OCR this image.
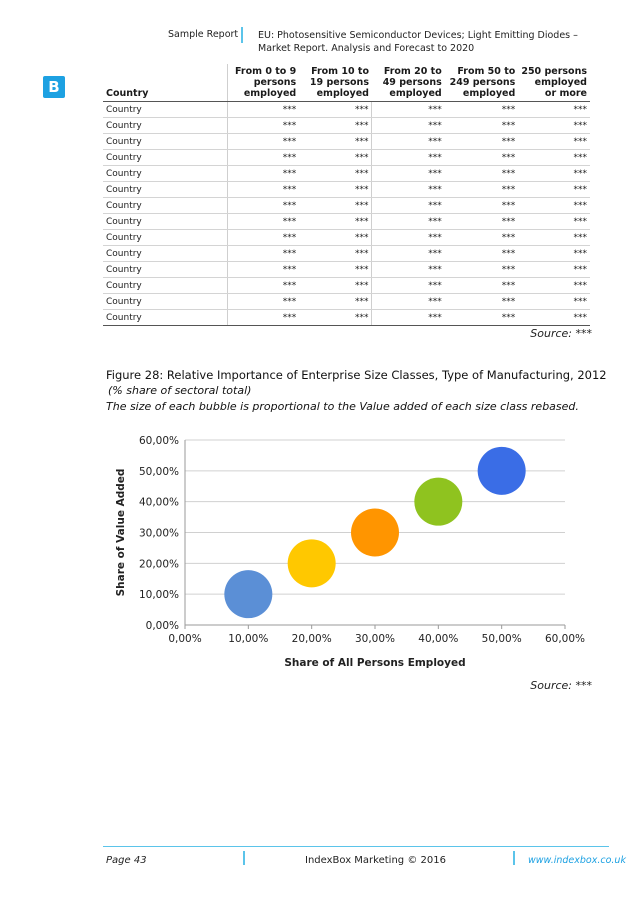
Sample Report EU: Photosensitive Semiconductor Devices; Light Emitting Diodes –
Market Report. Analysis and Forecast to 2020
B	Country	From 0 to 9 persons employed	From 10 to 19 persons employed	From 20 to 49 persons employed	From 50 to 249 persons employed	250 persons employed or more
Country	***	***	***	***	***
Country	***	***	***	***	***
Country	***	***	***	***	***
Country	***	***	***	***	***
Country	***	***	***	***	***
Country	***	***	***	***	***
Country	***	***	***	***	***
Country	***	***	***	***	***
Country	***	***	***	***	***
Country	***	***	***	***	***
Country	***	***	***	***	***
Country	***	***	***	***	***
Country	***	***	***	***	***
Country	***	***	***	***	***
Source: ***
Figure 28: Relative Importance of Enterprise Size Classes, Type of Manufacturing, 2012
(% share of sectoral total)
The size of each bubble is proportional to the Value added of each size class rebased.
0,00%
10,00%
20,00%
30,00%
40,00%
50,00%
60,00%
0,00%	10,00% 20,00% 30,00% 40,00% 50,00% 60,00%
Share of All Persons Employed
Share of Value Added
Source: ***
Page 43	IndexBox Marketing © 2016	www.indexbox.co.uk
